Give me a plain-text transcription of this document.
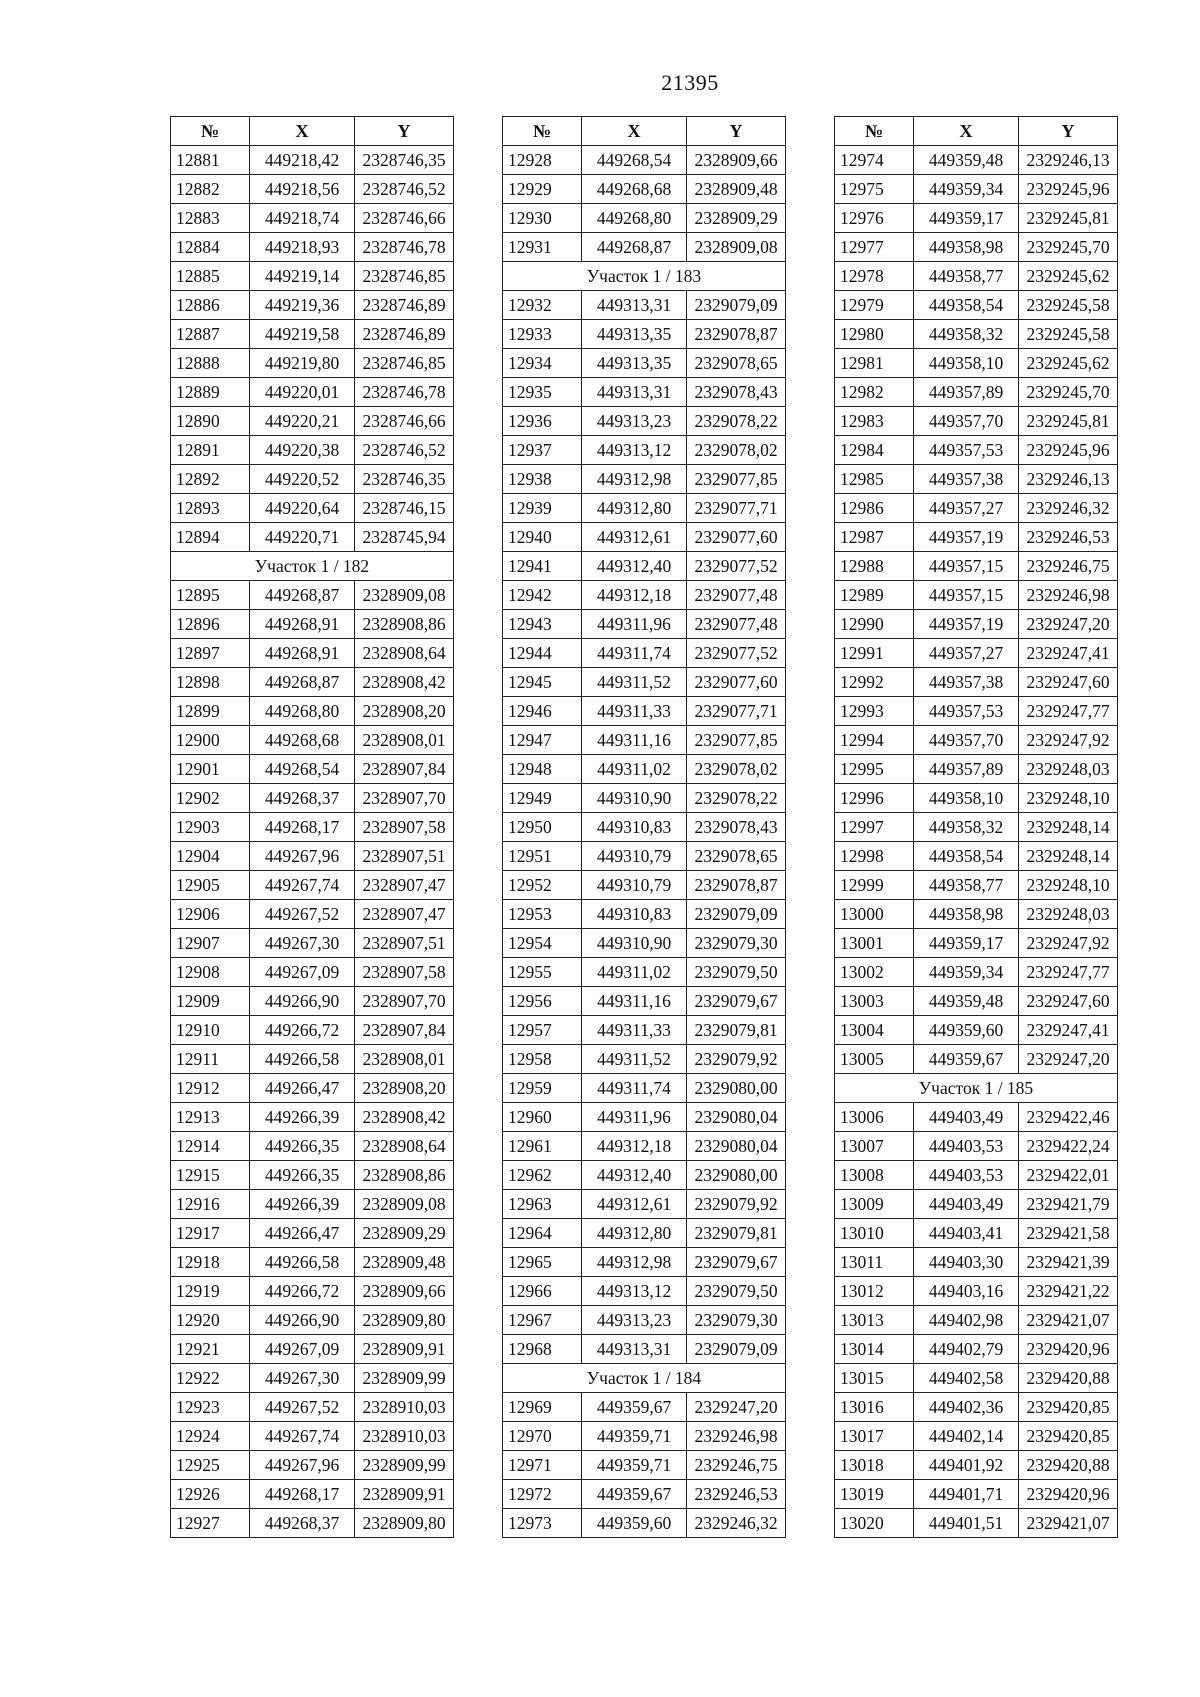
21395
№	X	Y
12881	449218,42	2328746,35
12882	449218,56	2328746,52
12883	449218,74	2328746,66
12884	449218,93	2328746,78
12885	449219,14	2328746,85
12886	449219,36	2328746,89
12887	449219,58	2328746,89
12888	449219,80	2328746,85
12889	449220,01	2328746,78
12890	449220,21	2328746,66
12891	449220,38	2328746,52
12892	449220,52	2328746,35
12893	449220,64	2328746,15
12894	449220,71	2328745,94
Участок 1 / 182		
12895	449268,87	2328909,08
12896	449268,91	2328908,86
12897	449268,91	2328908,64
12898	449268,87	2328908,42
12899	449268,80	2328908,20
12900	449268,68	2328908,01
12901	449268,54	2328907,84
12902	449268,37	2328907,70
12903	449268,17	2328907,58
12904	449267,96	2328907,51
12905	449267,74	2328907,47
12906	449267,52	2328907,47
12907	449267,30	2328907,51
12908	449267,09	2328907,58
12909	449266,90	2328907,70
12910	449266,72	2328907,84
12911	449266,58	2328908,01
12912	449266,47	2328908,20
12913	449266,39	2328908,42
12914	449266,35	2328908,64
12915	449266,35	2328908,86
12916	449266,39	2328909,08
12917	449266,47	2328909,29
12918	449266,58	2328909,48
12919	449266,72	2328909,66
12920	449266,90	2328909,80
12921	449267,09	2328909,91
12922	449267,30	2328909,99
12923	449267,52	2328910,03
12924	449267,74	2328910,03
12925	449267,96	2328909,99
12926	449268,17	2328909,91
12927	449268,37	2328909,80
№	X	Y
12928	449268,54	2328909,66
12929	449268,68	2328909,48
12930	449268,80	2328909,29
12931	449268,87	2328909,08
Участок 1 / 183		
12932	449313,31	2329079,09
12933	449313,35	2329078,87
12934	449313,35	2329078,65
12935	449313,31	2329078,43
12936	449313,23	2329078,22
12937	449313,12	2329078,02
12938	449312,98	2329077,85
12939	449312,80	2329077,71
12940	449312,61	2329077,60
12941	449312,40	2329077,52
12942	449312,18	2329077,48
12943	449311,96	2329077,48
12944	449311,74	2329077,52
12945	449311,52	2329077,60
12946	449311,33	2329077,71
12947	449311,16	2329077,85
12948	449311,02	2329078,02
12949	449310,90	2329078,22
12950	449310,83	2329078,43
12951	449310,79	2329078,65
12952	449310,79	2329078,87
12953	449310,83	2329079,09
12954	449310,90	2329079,30
12955	449311,02	2329079,50
12956	449311,16	2329079,67
12957	449311,33	2329079,81
12958	449311,52	2329079,92
12959	449311,74	2329080,00
12960	449311,96	2329080,04
12961	449312,18	2329080,04
12962	449312,40	2329080,00
12963	449312,61	2329079,92
12964	449312,80	2329079,81
12965	449312,98	2329079,67
12966	449313,12	2329079,50
12967	449313,23	2329079,30
12968	449313,31	2329079,09
Участок 1 / 184		
12969	449359,67	2329247,20
12970	449359,71	2329246,98
12971	449359,71	2329246,75
12972	449359,67	2329246,53
12973	449359,60	2329246,32
№	X	Y
12974	449359,48	2329246,13
12975	449359,34	2329245,96
12976	449359,17	2329245,81
12977	449358,98	2329245,70
12978	449358,77	2329245,62
12979	449358,54	2329245,58
12980	449358,32	2329245,58
12981	449358,10	2329245,62
12982	449357,89	2329245,70
12983	449357,70	2329245,81
12984	449357,53	2329245,96
12985	449357,38	2329246,13
12986	449357,27	2329246,32
12987	449357,19	2329246,53
12988	449357,15	2329246,75
12989	449357,15	2329246,98
12990	449357,19	2329247,20
12991	449357,27	2329247,41
12992	449357,38	2329247,60
12993	449357,53	2329247,77
12994	449357,70	2329247,92
12995	449357,89	2329248,03
12996	449358,10	2329248,10
12997	449358,32	2329248,14
12998	449358,54	2329248,14
12999	449358,77	2329248,10
13000	449358,98	2329248,03
13001	449359,17	2329247,92
13002	449359,34	2329247,77
13003	449359,48	2329247,60
13004	449359,60	2329247,41
13005	449359,67	2329247,20
Участок 1 / 185		
13006	449403,49	2329422,46
13007	449403,53	2329422,24
13008	449403,53	2329422,01
13009	449403,49	2329421,79
13010	449403,41	2329421,58
13011	449403,30	2329421,39
13012	449403,16	2329421,22
13013	449402,98	2329421,07
13014	449402,79	2329420,96
13015	449402,58	2329420,88
13016	449402,36	2329420,85
13017	449402,14	2329420,85
13018	449401,92	2329420,88
13019	449401,71	2329420,96
13020	449401,51	2329421,07
